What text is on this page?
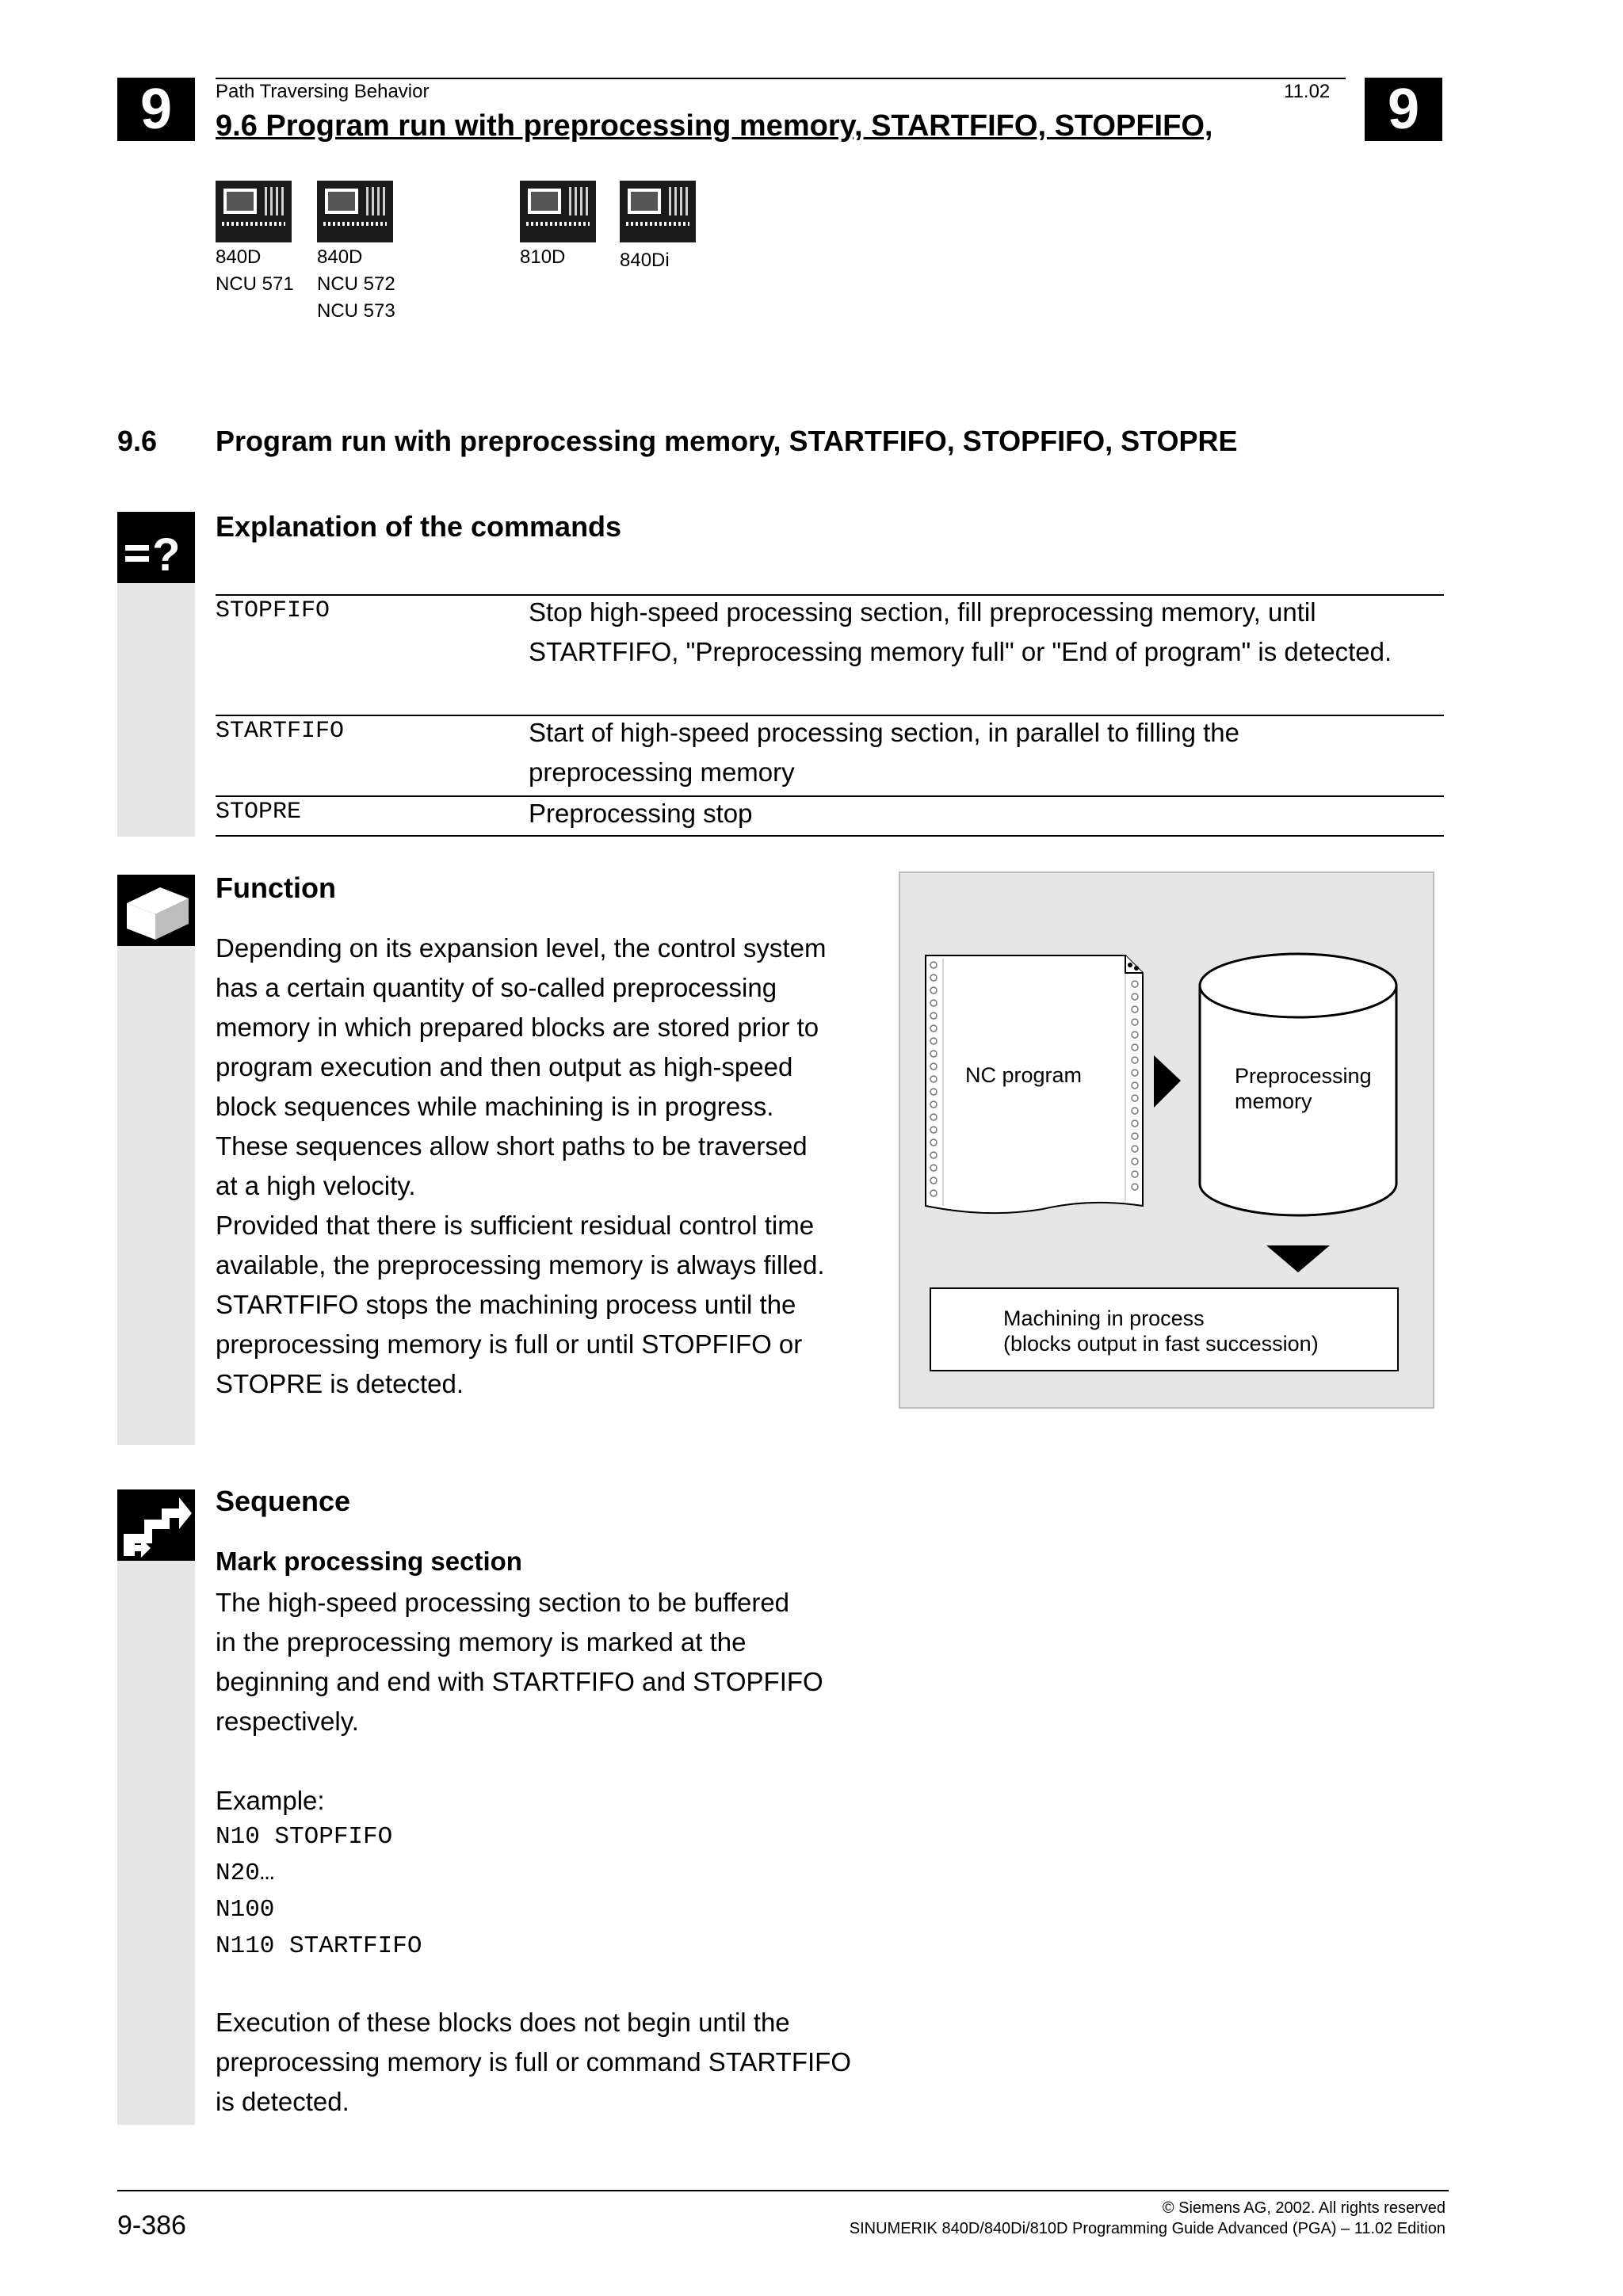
9	9
Path Traversing Behavior	11.02
9.6 Program run with preprocessing memory, STARTFIFO, STOPFIFO,
840D
NCU 571
840D
NCU 572
NCU 573
810D	840Di
9.6 Program run with preprocessing memory, STARTFIFO, STOPFIFO, STOPRE
?
Explanation of the commands
STOPFIFO	Stop high-speed processing section, fill preprocessing memory, until STARTFIFO, "Preprocessing memory full" or "End of program" is detected.
STARTFIFO	Start of high-speed processing section, in parallel to filling the preprocessing memory
STOPRE	Preprocessing stop
Function
Depending on its expansion level, the control system
has a certain quantity of so-called preprocessing
memory in which prepared blocks are stored prior to
program execution and then output as high-speed
block sequences while machining is in progress.
These sequences allow short paths to be traversed
at a high velocity.
Provided that there is sufficient residual control time
available, the preprocessing memory is always filled.
STARTFIFO stops the machining process until the
preprocessing memory is full or until STOPFIFO or
STOPRE is detected.
NC program	Preprocessing
memory
Machining in process
(blocks output in fast succession)
Sequence
Mark processing section
The high-speed processing section to be buffered
in the preprocessing memory is marked at the
beginning and end with STARTFIFO and STOPFIFO
respectively.
Example:
N10 STOPFIFO
N20…
N100
N110 STARTFIFO
Execution of these blocks does not begin until the
preprocessing memory is full or command STARTFIFO
is detected.
9-386
© Siemens AG, 2002. All rights reserved
SINUMERIK 840D/840Di/810D Programming Guide Advanced (PGA) – 11.02 Edition
